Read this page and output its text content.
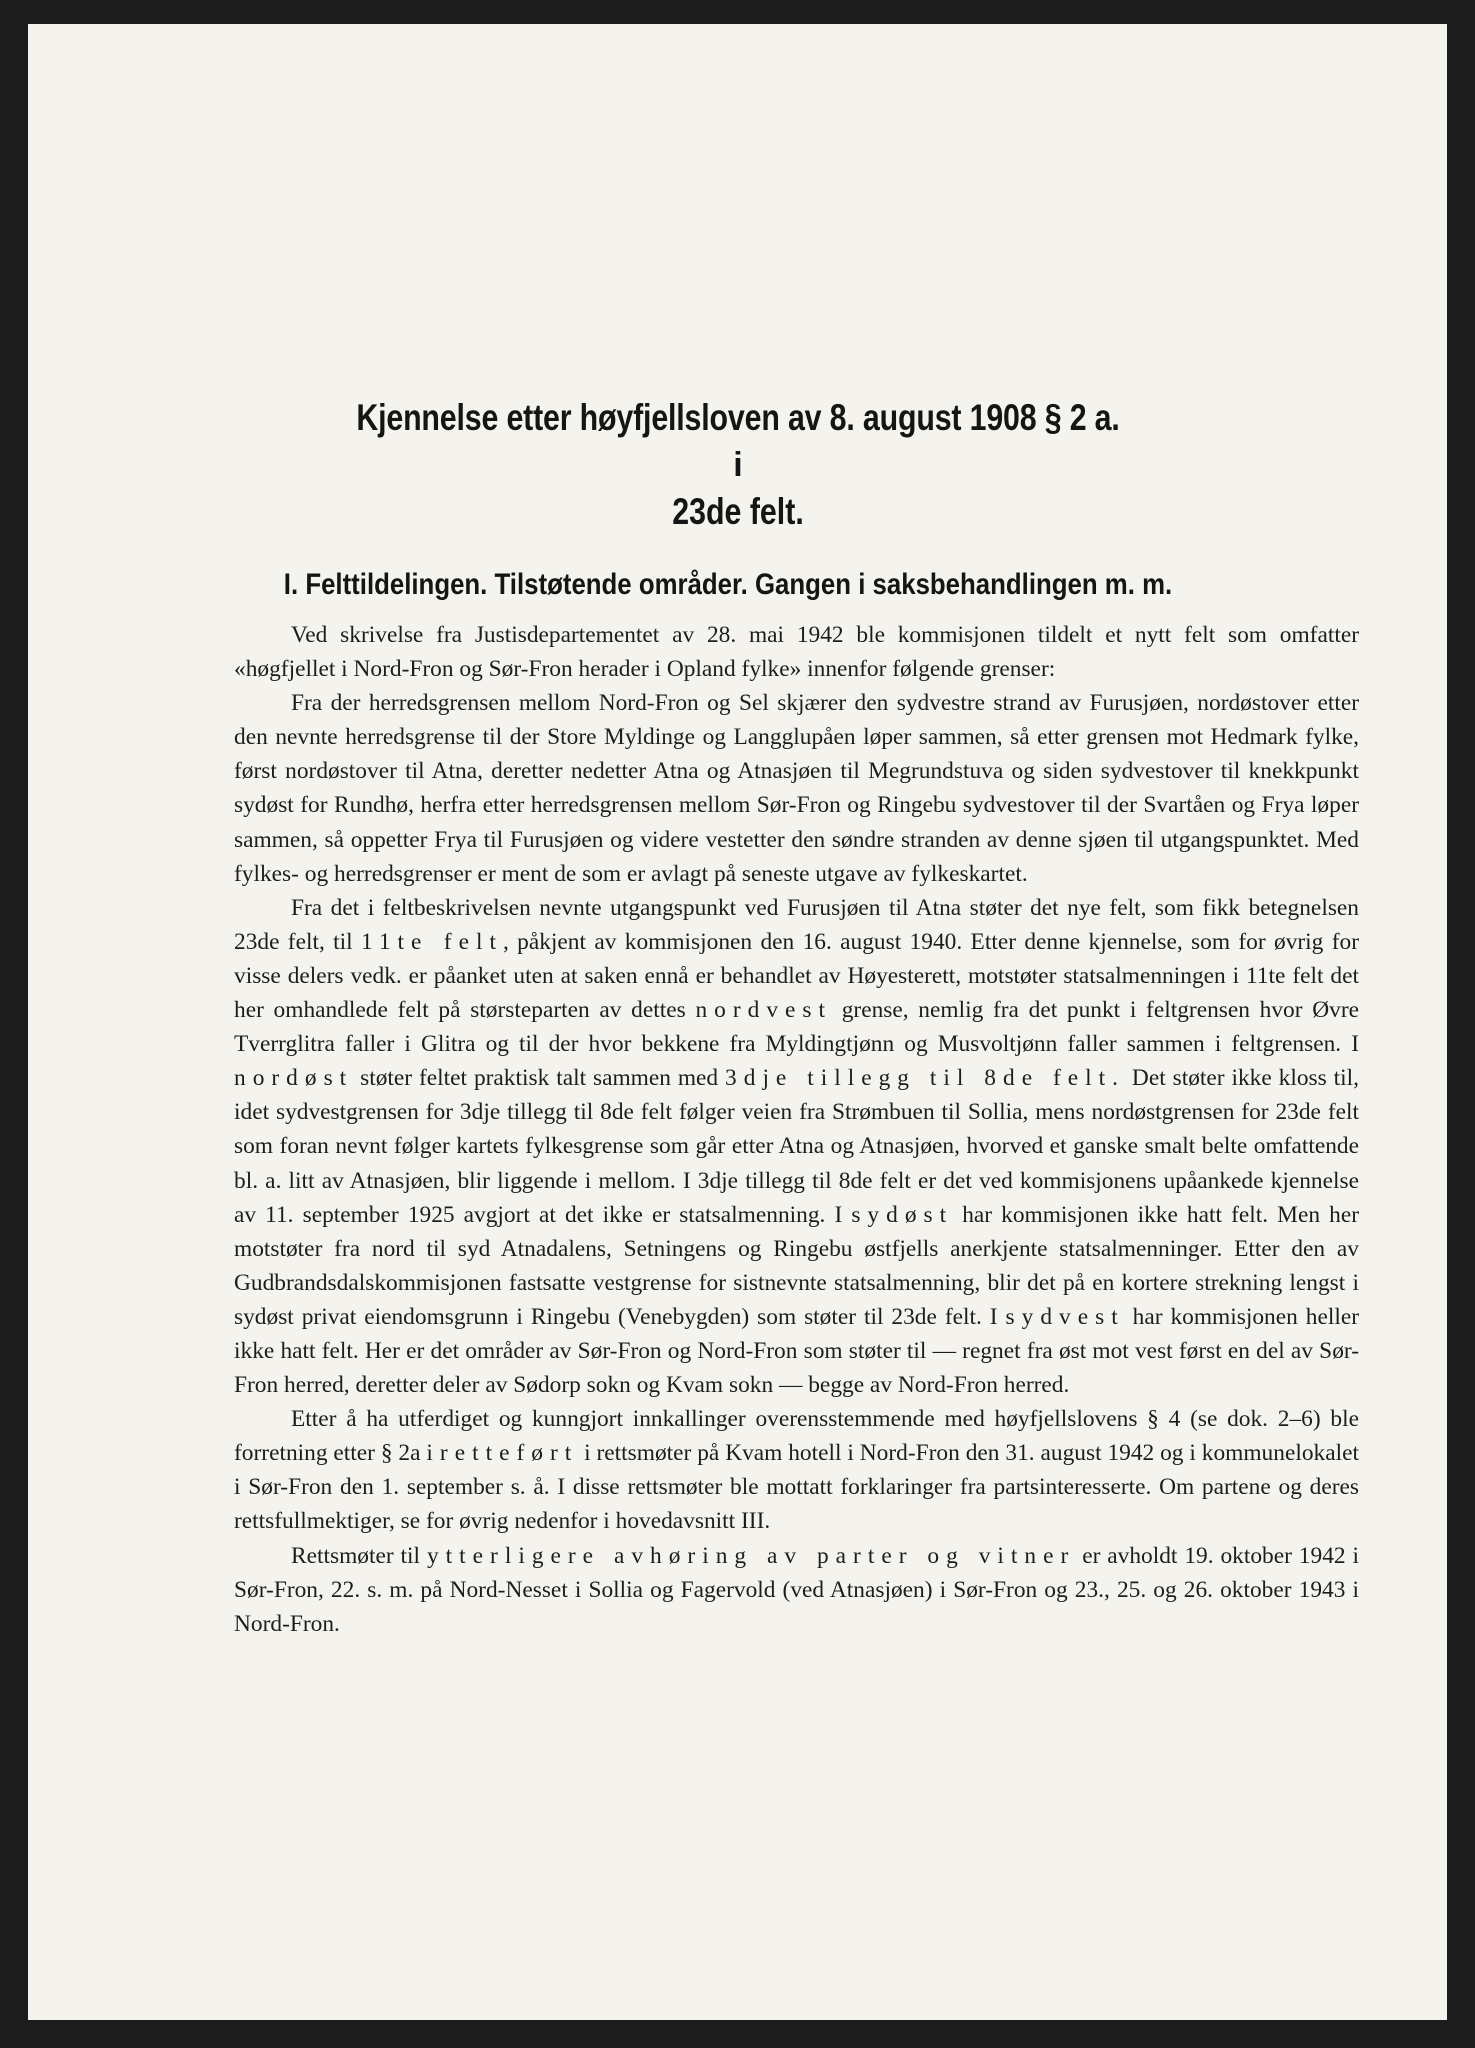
Kjennelse etter høyfjellsloven av 8. august 1908 § 2 a.
i
23de felt.
I. Felttildelingen. Tilstøtende områder. Gangen i saksbehandlingen m. m.

Ved skrivelse fra Justisdepartementet av 28. mai 1942 ble kommisjonen tildelt et nytt felt som omfatter «høgfjellet i Nord-Fron og Sør-Fron herader i Opland fylke» innenfor følgende grenser:

Fra der herredsgrensen mellom Nord-Fron og Sel skjærer den sydvestre strand av Furusjøen, nordøstover etter den nevnte herredsgrense til der Store Myldinge og Langglupåen løper sammen, så etter grensen mot Hedmark fylke, først nordøstover til Atna, deretter nedetter Atna og Atnasjøen til Megrundstuva og siden sydvestover til knekkpunkt sydøst for Rundhø, herfra etter herredsgrensen mellom Sør-Fron og Ringebu sydvestover til der Svartåen og Frya løper sammen, så oppetter Frya til Furusjøen og videre vestetter den søndre stranden av denne sjøen til utgangspunktet. Med fylkes- og herredsgrenser er ment de som er avlagt på seneste utgave av fylkeskartet.

Fra det i feltbeskrivelsen nevnte utgangspunkt ved Furusjøen til Atna støter det nye felt, som fikk betegnelsen 23de felt, til 11te felt, påkjent av kommisjonen den 16. august 1940. Etter denne kjennelse, som for øvrig for visse delers vedk. er påanket uten at saken ennå er behandlet av Høyesterett, motstøter statsalmenningen i 11te felt det her omhandlede felt på størsteparten av dettes nordvest grense, nemlig fra det punkt i feltgrensen hvor Øvre Tverrglitra faller i Glitra og til der hvor bekkene fra Myldingtjønn og Musvoltjønn faller sammen i feltgrensen. I nordøst støter feltet praktisk talt sammen med 3dje tillegg til 8de felt. Det støter ikke kloss til, idet sydvestgrensen for 3dje tillegg til 8de felt følger veien fra Strømbuen til Sollia, mens nordøstgrensen for 23de felt som foran nevnt følger kartets fylkesgrense som går etter Atna og Atnasjøen, hvorved et ganske smalt belte omfattende bl. a. litt av Atnasjøen, blir liggende i mellom. I 3dje tillegg til 8de felt er det ved kommisjonens upåankede kjennelse av 11. september 1925 avgjort at det ikke er statsalmenning. I sydøst har kommisjonen ikke hatt felt. Men her motstøter fra nord til syd Atnadalens, Setningens og Ringebu østfjells anerkjente statsalmenninger. Etter den av Gudbrandsdalskommisjonen fastsatte vestgrense for sistnevnte statsalmenning, blir det på en kortere strekning lengst i sydøst privat eiendomsgrunn i Ringebu (Venebygden) som støter til 23de felt. I sydvest har kommisjonen heller ikke hatt felt. Her er det områder av Sør-Fron og Nord-Fron som støter til — regnet fra øst mot vest først en del av Sør-Fron herred, deretter deler av Sødorp sokn og Kvam sokn — begge av Nord-Fron herred.

Etter å ha utferdiget og kunngjort innkallinger overensstemmende med høyfjellslovens § 4 (se dok. 2–6) ble forretning etter § 2a iretteført i rettsmøter på Kvam hotell i Nord-Fron den 31. august 1942 og i kommunelokalet i Sør-Fron den 1. september s. å. I disse rettsmøter ble mottatt forklaringer fra partsinteresserte. Om partene og deres rettsfullmektiger, se for øvrig nedenfor i hovedavsnitt III.

Rettsmøter til ytterligere avhøring av parter og vitner er avholdt 19. oktober 1942 i Sør-Fron, 22. s. m. på Nord-Nesset i Sollia og Fagervold (ved Atnasjøen) i Sør-Fron og 23., 25. og 26. oktober 1943 i Nord-Fron.
